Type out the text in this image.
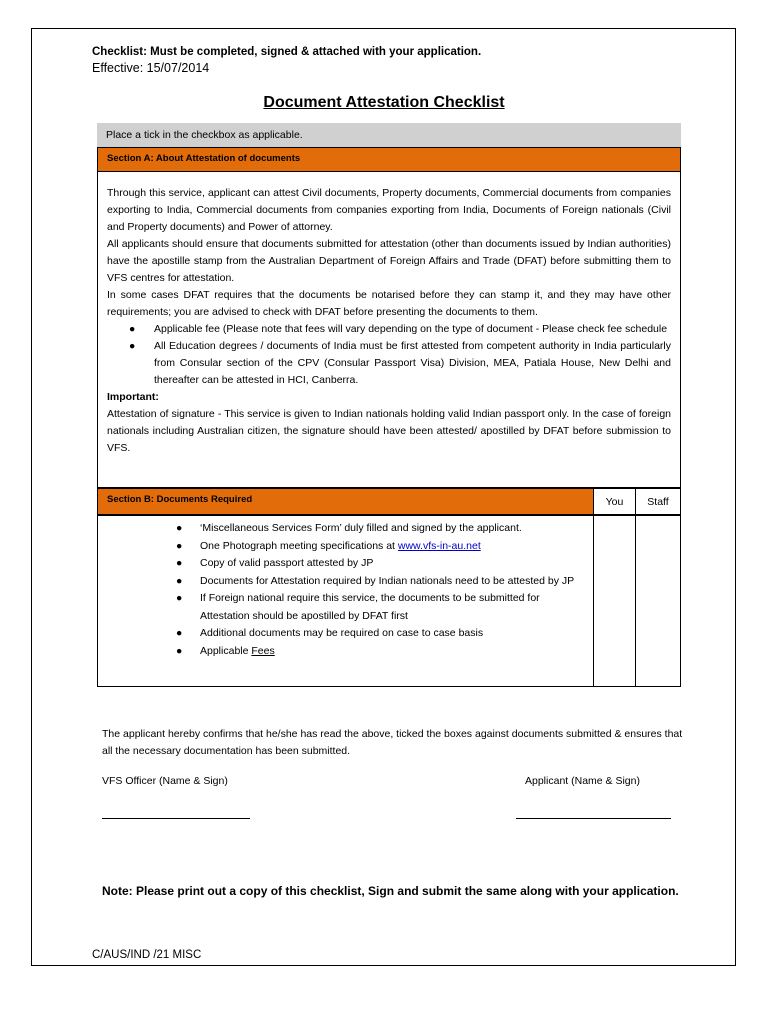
Checklist: Must be completed, signed & attached with your application.
Effective: 15/07/2014
Document Attestation Checklist
Place a tick in the checkbox as applicable.
Section A: About Attestation of documents

Through this service, applicant can attest Civil documents, Property documents, Commercial documents from companies exporting to India, Commercial documents from companies exporting from India, Documents of Foreign nationals (Civil and Property documents) and Power of attorney.

All applicants should ensure that documents submitted for attestation (other than documents issued by Indian authorities) have the apostille stamp from the Australian Department of Foreign Affairs and Trade (DFAT) before submitting them to VFS centres for attestation.

In some cases DFAT requires that the documents be notarised before they can stamp it, and they may have other requirements; you are advised to check with DFAT before presenting the documents to them.

● Applicable fee (Please note that fees will vary depending on the type of document - Please check fee schedule
● All Education degrees / documents of India must be first attested from competent authority in India particularly from Consular section of the CPV (Consular Passport Visa) Division, MEA, Patiala House, New Delhi and thereafter can be attested in HCI, Canberra.

Important:

Attestation of signature - This service is given to Indian nationals holding valid Indian passport only. In the case of foreign nationals including Australian citizen, the signature should have been attested/ apostilled by DFAT before submission to VFS.

Section B: Documents Required	You	Staff
● ‘Miscellaneous Services Form’ duly filled and signed by the applicant.
● One Photograph meeting specifications at www.vfs-in-au.net
● Copy of valid passport attested by JP
● Documents for Attestation required by Indian nationals need to be attested by JP
● If Foreign national require this service, the documents to be submitted for Attestation should be apostilled by DFAT first
● Additional documents may be required on case to case basis
● Applicable Fees
The applicant hereby confirms that he/she has read the above, ticked the boxes against documents submitted & ensures that all the necessary documentation has been submitted.
VFS Officer (Name & Sign)	Applicant (Name & Sign)
Note: Please print out a copy of this checklist, Sign and submit the same along with your application.
C/AUS/IND /21 MISC
